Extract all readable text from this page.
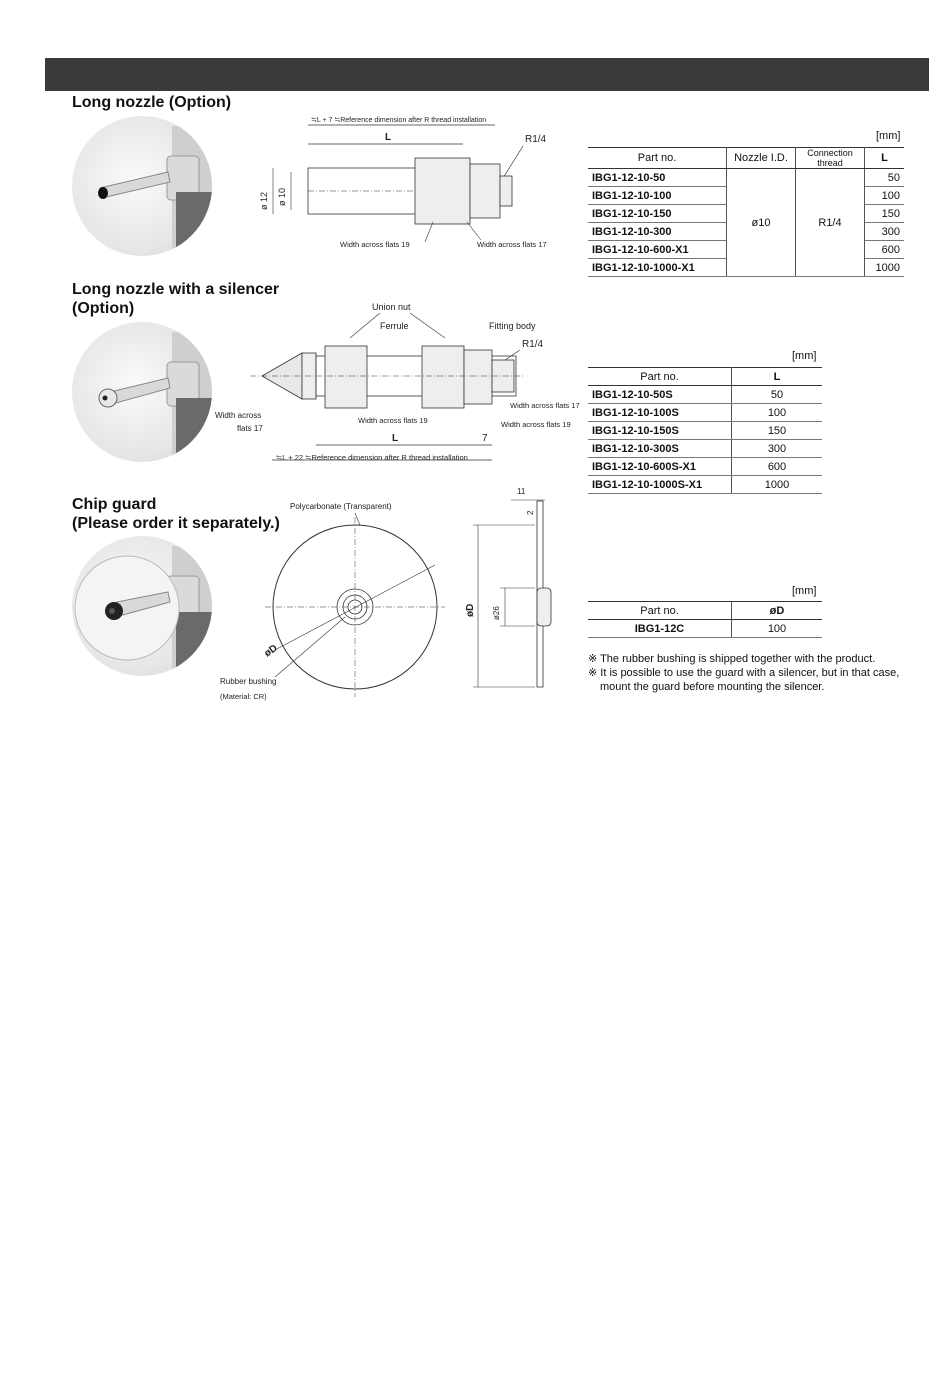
Long nozzle (Option)
≒L + 7 ≒Reference dimension after R thread installation
L	R1/4
ø 12 ø 10
Width across flats 19	Width across flats 17
[mm]
Part no.	Nozzle I.D.	Connection thread	L
IBG1-12-10-50	ø10	R1/4	50
IBG1-12-10-100			100
IBG1-12-10-150			150
IBG1-12-10-300			300
IBG1-12-10-600-X1			600
IBG1-12-10-1000-X1			1000
Long nozzle with a silencer
(Option)	Union nut
Ferrule	Fitting body
R1/4
Width across
flats 17
Width across flats 19
Width across flats 17
Width across flats 19
L	7
≒L + 22 ≒Reference dimension after R thread installation
[mm]
Part no.	L
IBG1-12-10-50S	50
IBG1-12-10-100S	100
IBG1-12-10-150S	150
IBG1-12-10-300S	300
IBG1-12-10-600S-X1	600
IBG1-12-10-1000S-X1	1000
Chip guard
(Please order it separately.)
Polycarbonate (Transparent)
øD
Rubber bushing
(Material: CR)
11
2
ø26
øD
[mm]
Part no.	øD
IBG1-12C	100

※ The rubber bushing is shipped together with the product.

※ It is possible to use the guard with a silencer, but in that case, mount the guard before mounting the silencer.
